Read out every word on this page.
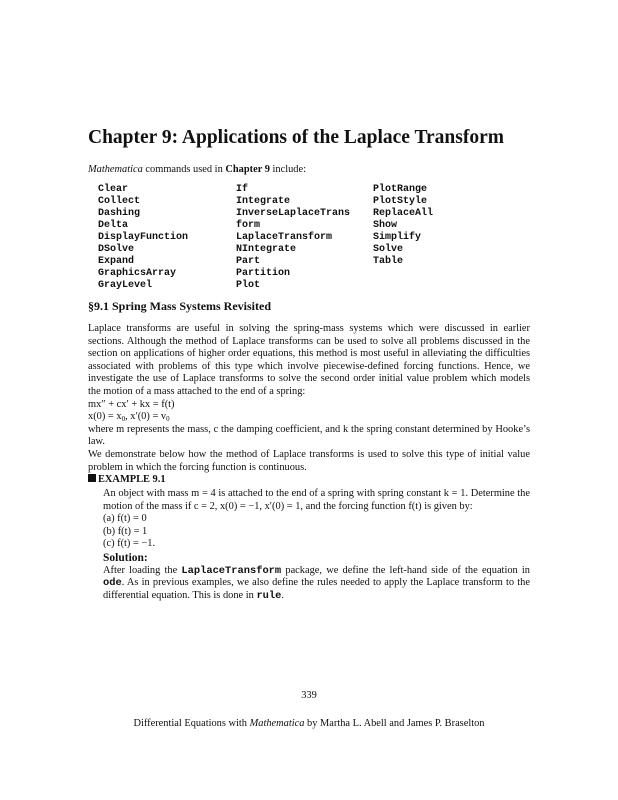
Chapter 9: Applications of the Laplace Transform
Mathematica commands used in Chapter 9 include:
Clear	If	PlotRange
Collect	Integrate	PlotStyle
Dashing	InverseLaplaceTrans	ReplaceAll
Delta	form	Show
DisplayFunction	LaplaceTransform	Simplify
DSolve	NIntegrate	Solve
Expand	Part	Table
GraphicsArray	Partition
GrayLevel	Plot
§9.1 Spring Mass Systems Revisited

Laplace transforms are useful in solving the spring-mass systems which were discussed in earlier sections. Although the method of Laplace transforms can be used to solve all problems discussed in the section on applications of higher order equations, this method is most useful in alleviating the difficulties associated with problems of this type which involve piecewise-defined forcing functions. Hence, we investigate the use of Laplace transforms to solve the second order initial value problem which models the motion of a mass attached to the end of a spring:

mx″ + cx′ + kx = f(t)
$x(0) = x_0$, $x'(0) = v_0$

where m represents the mass, c the damping coefficient, and k the spring constant determined by Hooke’s law.

We demonstrate below how the method of Laplace transforms is used to solve this type of initial value problem in which the forcing function is continuous.

EXAMPLE 9.1

An object with mass m = 4 is attached to the end of a spring with spring constant k = 1. Determine the motion of the mass if c = 2, x(0) = −1, x′(0) = 1, and the forcing function f(t) is given by:

(a) f(t) = 0
(b) f(t) = 1
(c) f(t) = −1.
Solution:

After loading the LaplaceTransform package, we define the left-hand side of the equation in ode. As in previous examples, we also define the rules needed to apply the Laplace transform to the differential equation. This is done in rule.

339
Differential Equations with Mathematica by Martha L. Abell and James P. Braselton
